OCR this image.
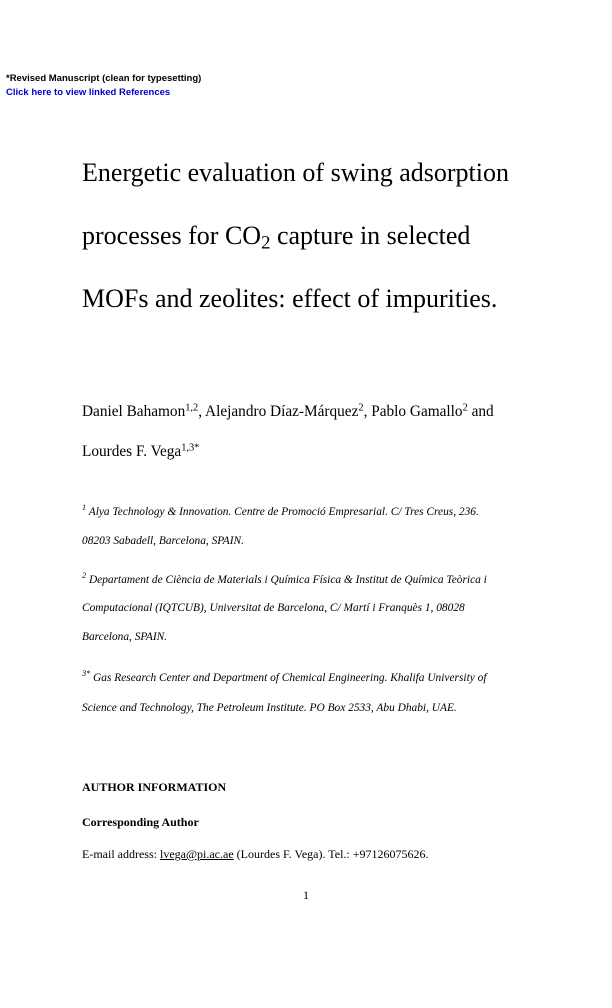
*Revised Manuscript (clean for typesetting)
Click here to view linked References
Energetic evaluation of swing adsorption
processes for $CO_2$ capture in selected
MOFs and zeolites: effect of impurities.
Daniel Bahamon$^{1,2}$, Alejandro Díaz-Márquez$^2$, Pablo Gamallo$^2$ and
Lourdes F. Vega$^{1,3*}$
$^1$ Alya Technology & Innovation. Centre de Promoció Empresarial. C/ Tres Creus, 236.
08203 Sabadell, Barcelona, SPAIN.
$^2$ Departament de Ciència de Materials i Química Física & Institut de Química Teòrica i
Computacional (IQTCUB), Universitat de Barcelona, C/ Martí i Franquès 1, 08028
Barcelona, SPAIN.
$^{3*}$ Gas Research Center and Department of Chemical Engineering. Khalifa University of
Science and Technology, The Petroleum Institute. PO Box 2533, Abu Dhabi, UAE.
AUTHOR INFORMATION
Corresponding Author
E-mail address: lvega@pi.ac.ae (Lourdes F. Vega). Tel.: +97126075626.
1
